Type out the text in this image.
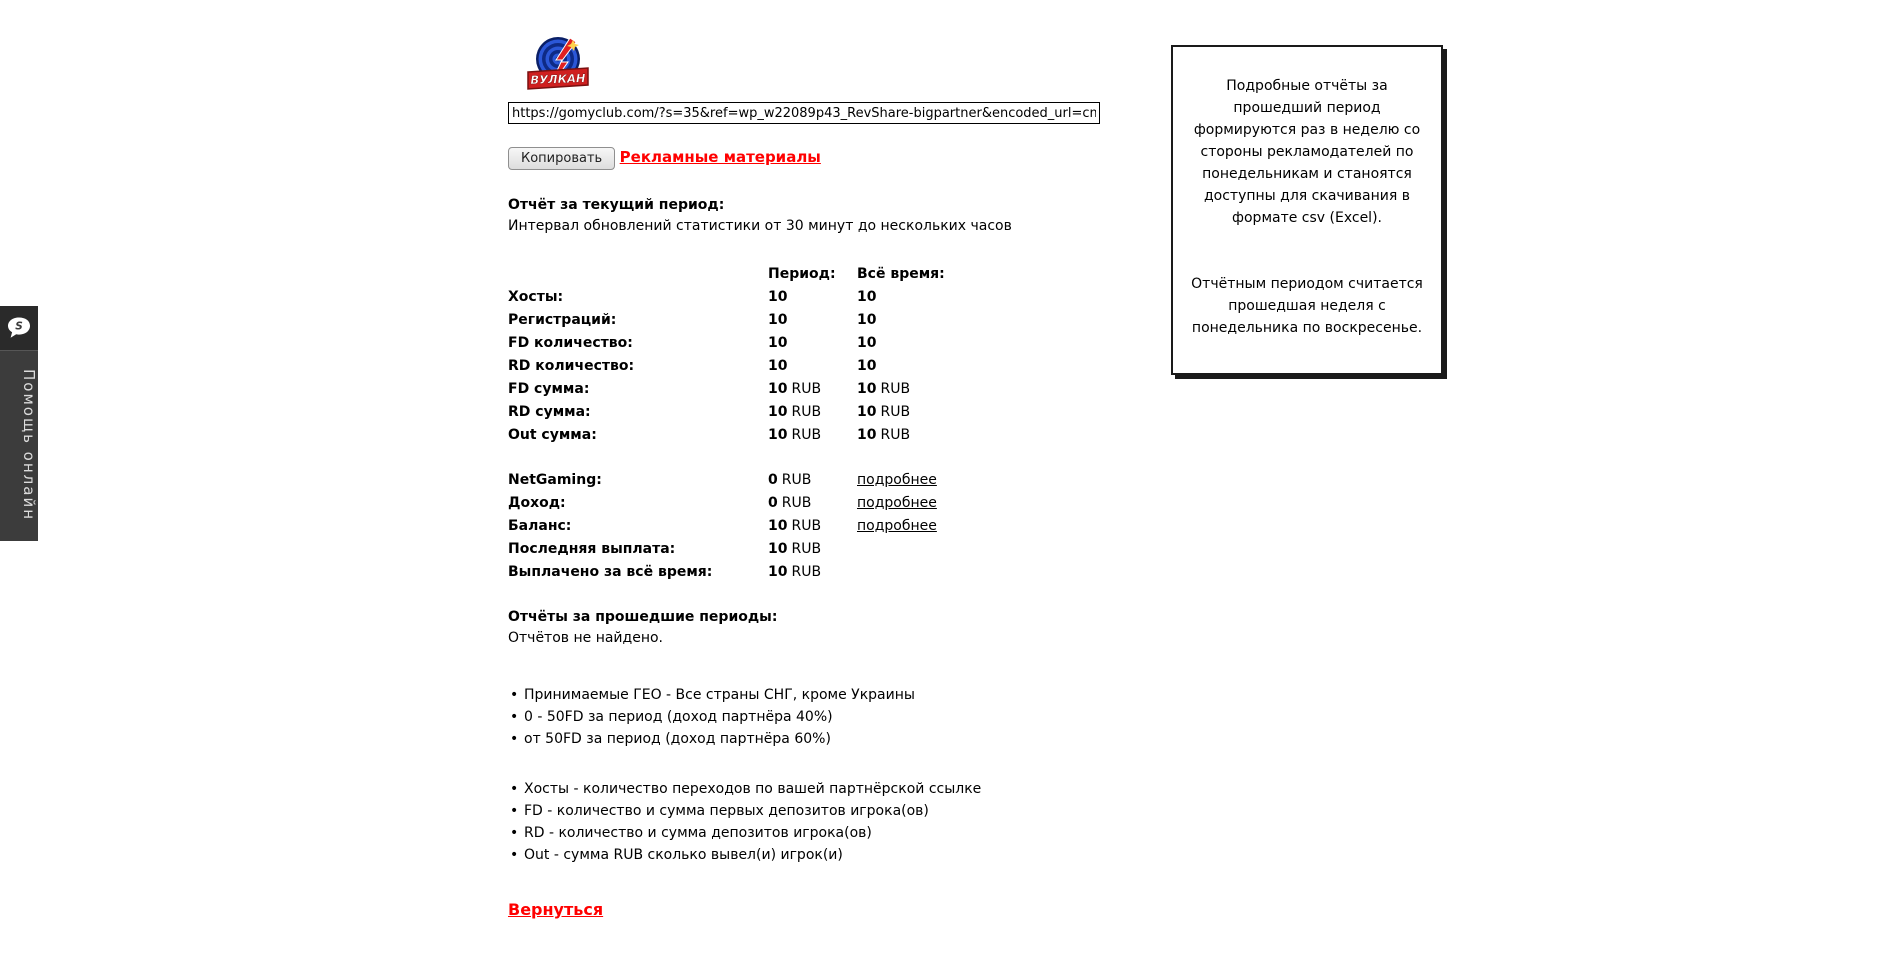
S
Помощь онлайн
ВУЛКАН
https://gomyclub.com/?s=35&ref=wp_w22089p43_RevShare-bigpartner&encoded_url=cmVnaXN0 Копировать Рекламные материалы
Отчёт за текущий период:
Интервал обновлений статистики от 30 минут до нескольких часов
	Период:	Всё время:
Хосты:	10	10
Регистраций:	10	10
FD количество:	10	10
RD количество:	10	10
FD сумма:	10 RUB	10 RUB
RD сумма:	10 RUB	10 RUB
Out сумма:	10 RUB	10 RUB
NetGaming:	0 RUB	подробнее
Доход:	0 RUB	подробнее
Баланс:	10 RUB	подробнее
Последняя выплата:	10 RUB	
Выплачено за всё время:	10 RUB	
Отчёты за прошедшие периоды:
Отчётов не найдено.
• Принимаемые ГЕО - Все страны СНГ, кроме Украины
• 0 - 50FD за период (доход партнёра 40%)
• от 50FD за период (доход партнёра 60%)
• Хосты - количество переходов по вашей партнёрской ссылке
• FD - количество и сумма первых депозитов игрока(ов)
• RD - количество и сумма депозитов игрока(ов)
• Out - сумма RUB сколько вывел(и) игрок(и)
Вернуться
Подробные отчёты за прошедший период формируются раз в неделю со стороны рекламодателей по понедельникам и станоятся доступны для скачивания в формате csv (Excel).
Отчётным периодом считается прошедшая неделя с понедельника по воскресенье.
